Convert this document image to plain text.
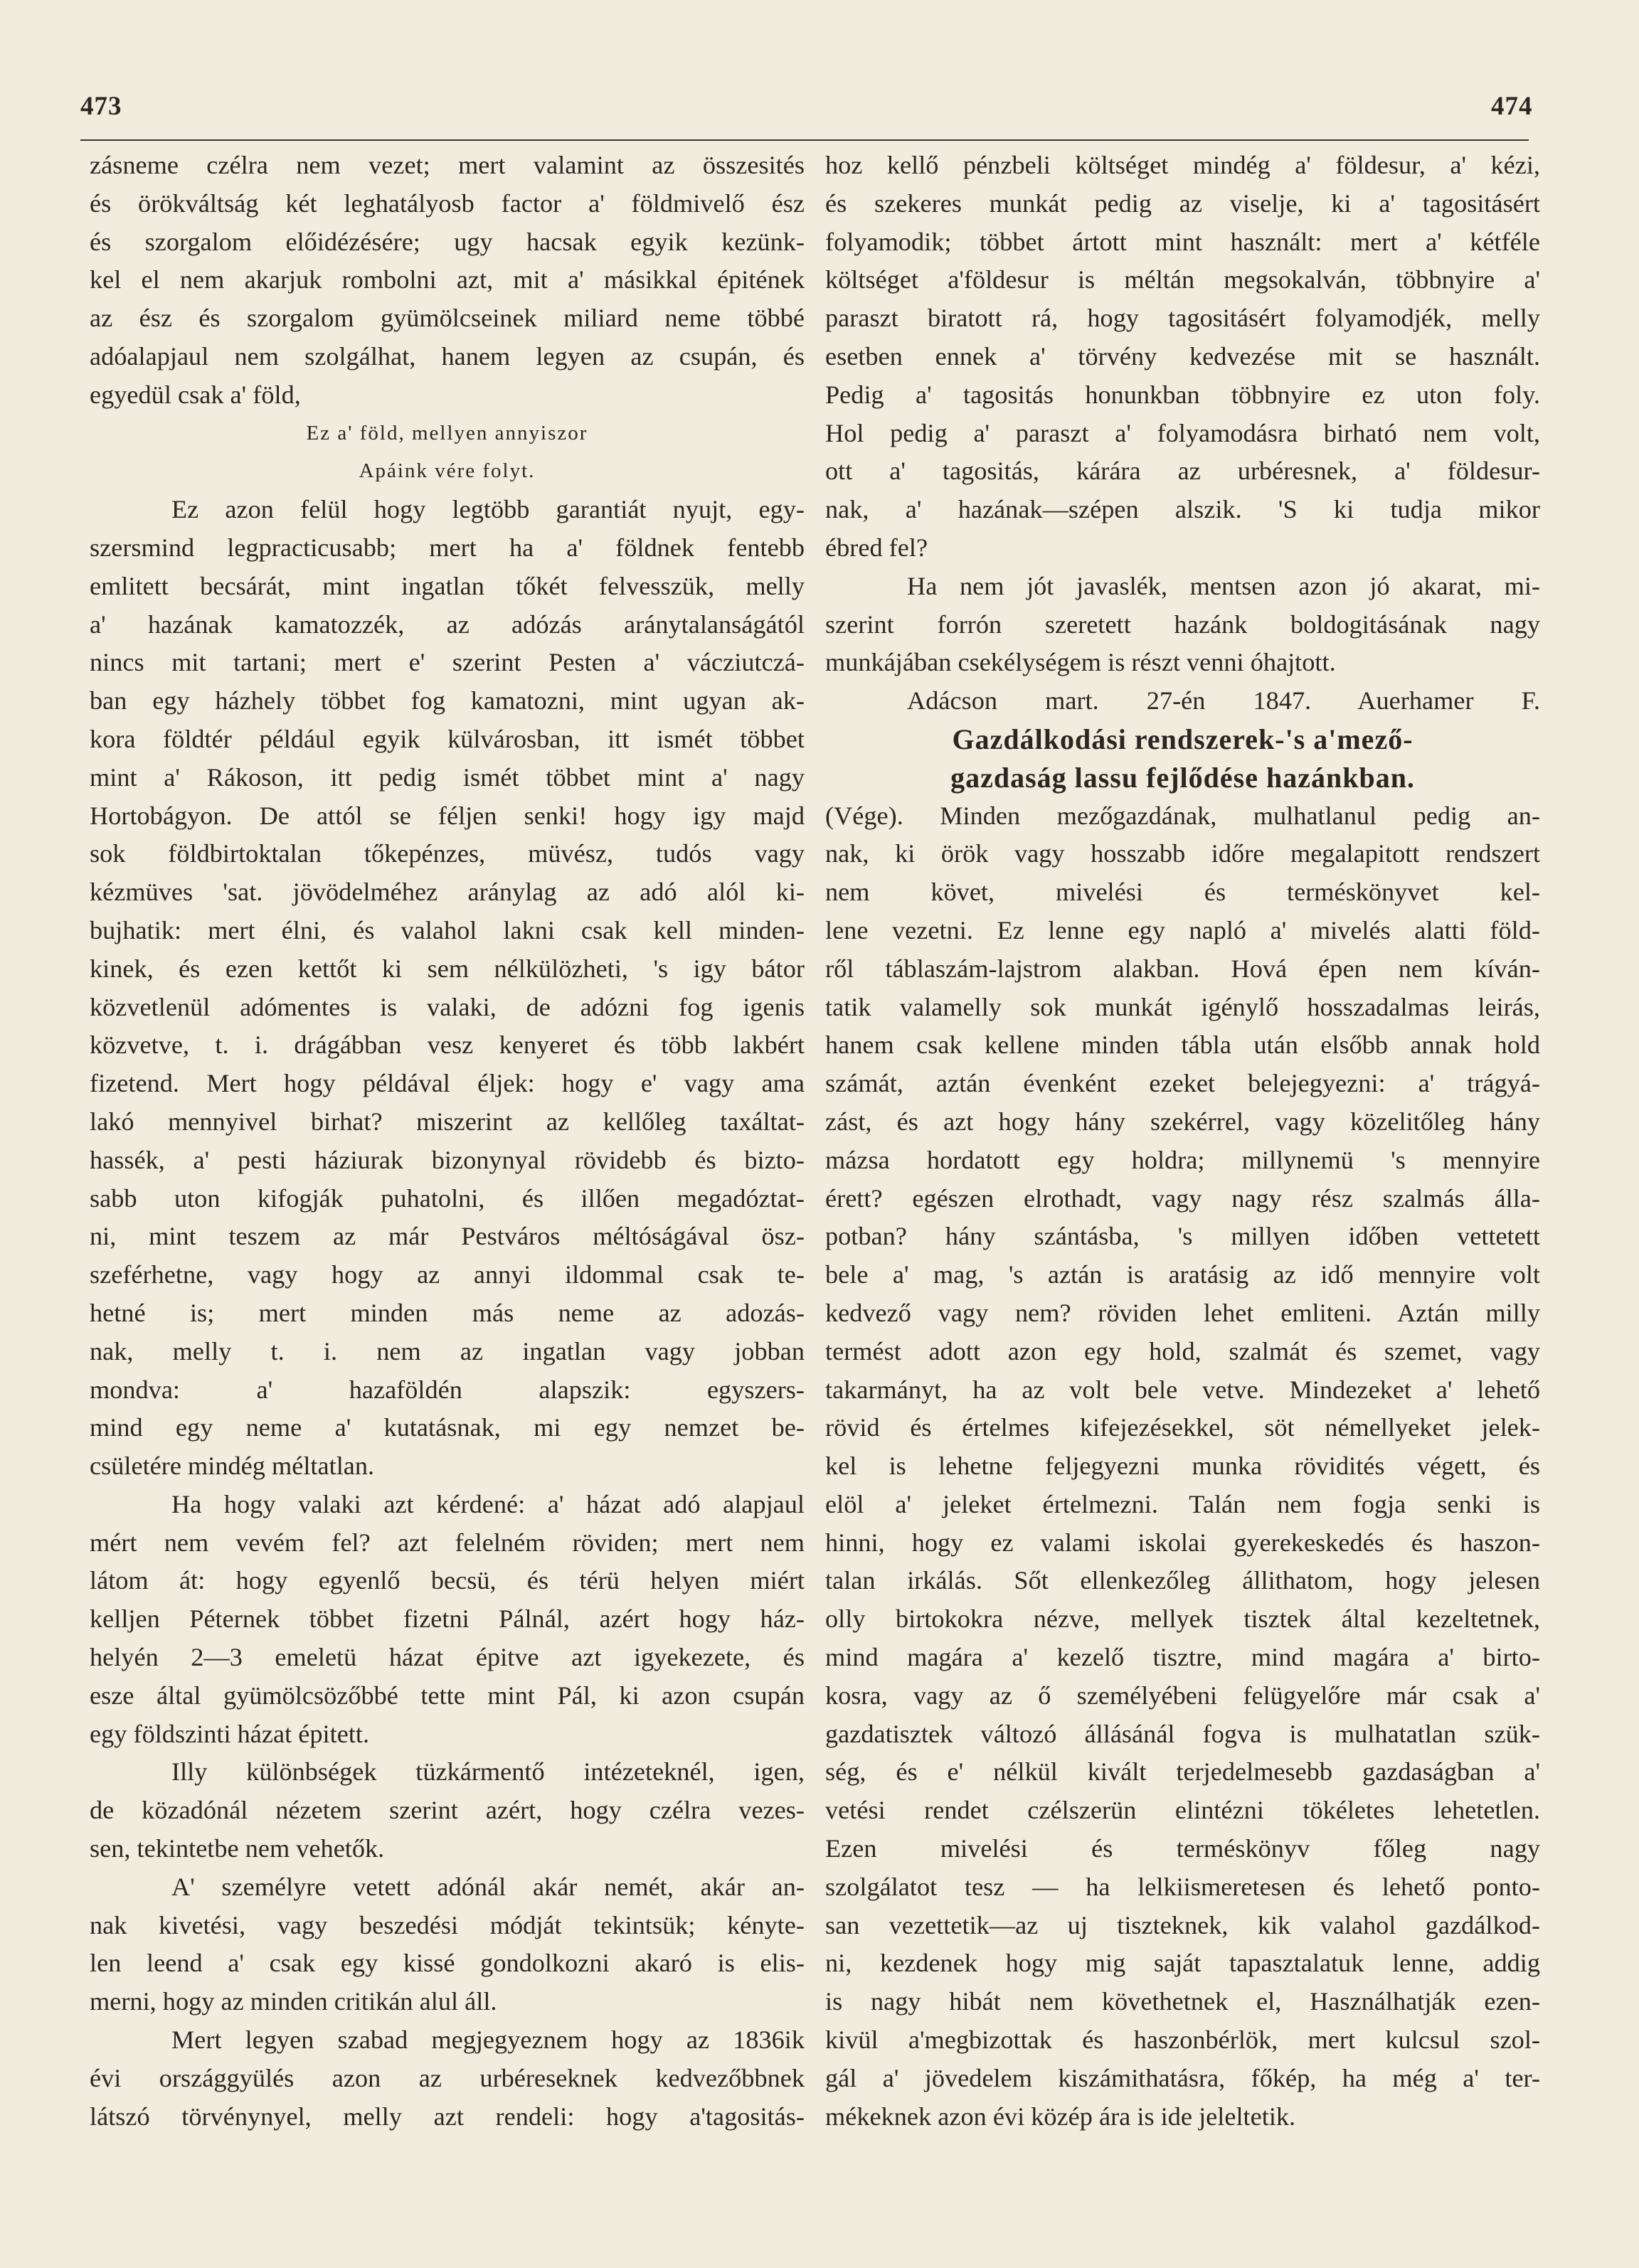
473	474
zásneme czélra nem vezet; mert valamint az összesités
és örökváltság két leghatályosb factor a' földmivelő ész
és szorgalom előidézésére; ugy hacsak egyik kezünk-
kel el nem akarjuk rombolni azt, mit a' másikkal épitének
az ész és szorgalom gyümölcseinek miliard neme többé
adóalapjaul nem szolgálhat, hanem legyen az csupán, és
egyedül csak a' föld,
Ez a' föld, mellyen annyiszor
Apáink vére folyt.
Ez azon felül hogy legtöbb garantiát nyujt, egy-
szersmind legpracticusabb; mert ha a' földnek fentebb
emlitett becsárát, mint ingatlan tőkét felvesszük, melly
a' hazának kamatozzék, az adózás aránytalanságától
nincs mit tartani; mert e' szerint Pesten a' vácziutczá-
ban egy házhely többet fog kamatozni, mint ugyan ak-
kora földtér például egyik külvárosban, itt ismét többet
mint a' Rákoson, itt pedig ismét többet mint a' nagy
Hortobágyon. De attól se féljen senki! hogy igy majd
sok földbirtoktalan tőkepénzes, müvész, tudós vagy
kézmüves 'sat. jövödelméhez aránylag az adó alól ki-
bujhatik: mert élni, és valahol lakni csak kell minden-
kinek, és ezen kettőt ki sem nélkülözheti, 's igy bátor
közvetlenül adómentes is valaki, de adózni fog igenis
közvetve, t. i. drágábban vesz kenyeret és több lakbért
fizetend. Mert hogy példával éljek: hogy e' vagy ama
lakó mennyivel birhat? miszerint az kellőleg taxáltat-
hassék, a' pesti háziurak bizonynyal rövidebb és bizto-
sabb uton kifogják puhatolni, és illően megadóztat-
ni, mint teszem az már Pestváros méltóságával ösz-
szeférhetne, vagy hogy az annyi ildommal csak te-
hetné is; mert minden más neme az adozás-
nak, melly t. i. nem az ingatlan vagy jobban
mondva: a' hazaföldén alapszik: egyszers-
mind egy neme a' kutatásnak, mi egy nemzet be-
csületére mindég méltatlan.
Ha hogy valaki azt kérdené: a' házat adó alapjaul
mért nem vevém fel? azt felelném röviden; mert nem
látom át: hogy egyenlő becsü, és térü helyen miért
kelljen Péternek többet fizetni Pálnál, azért hogy ház-
helyén 2—3 emeletü házat épitve azt igyekezete, és
esze által gyümölcsözőbbé tette mint Pál, ki azon csupán
egy földszinti házat épitett.
Illy különbségek tüzkármentő intézeteknél, igen,
de közadónál nézetem szerint azért, hogy czélra vezes-
sen, tekintetbe nem vehetők.
A' személyre vetett adónál akár nemét, akár an-
nak kivetési, vagy beszedési módját tekintsük; kényte-
len leend a' csak egy kissé gondolkozni akaró is elis-
merni, hogy az minden critikán alul áll.
Mert legyen szabad megjegyeznem hogy az 1836ik
évi országgyülés azon az urbéreseknek kedvezőbbnek
látszó törvénynyel, melly azt rendeli: hogy a'tagositás-
hoz kellő pénzbeli költséget mindég a' földesur, a' kézi,
és szekeres munkát pedig az viselje, ki a' tagositásért
folyamodik; többet ártott mint használt: mert a' kétféle
költséget a'földesur is méltán megsokalván, többnyire a'
paraszt biratott rá, hogy tagositásért folyamodjék, melly
esetben ennek a' törvény kedvezése mit se használt.
Pedig a' tagositás honunkban többnyire ez uton foly.
Hol pedig a' paraszt a' folyamodásra birható nem volt,
ott a' tagositás, kárára az urbéresnek, a' földesur-
nak, a' hazának—szépen alszik. 'S ki tudja mikor
ébred fel?
Ha nem jót javaslék, mentsen azon jó akarat, mi-
szerint forrón szeretett hazánk boldogitásának nagy
munkájában csekélységem is részt venni óhajtott.
Adácson mart. 27-én 1847. Auerhamer F.
Gazdálkodási rendszerek-'s a'mező-
gazdaság lassu fejlődése hazánkban.
(Vége). Minden mezőgazdának, mulhatlanul pedig an-
nak, ki örök vagy hosszabb időre megalapitott rendszert
nem követ, mivelési és terméskönyvet kel-
lene vezetni. Ez lenne egy napló a' mivelés alatti föld-
ről táblaszám-lajstrom alakban. Hová épen nem kíván-
tatik valamelly sok munkát igénylő hosszadalmas leirás,
hanem csak kellene minden tábla után elsőbb annak hold
számát, aztán évenként ezeket belejegyezni: a' trágyá-
zást, és azt hogy hány szekérrel, vagy közelitőleg hány
mázsa hordatott egy holdra; millynemü 's mennyire
érett? egészen elrothadt, vagy nagy rész szalmás álla-
potban? hány szántásba, 's millyen időben vettetett
bele a' mag, 's aztán is aratásig az idő mennyire volt
kedvező vagy nem? röviden lehet emliteni. Aztán milly
termést adott azon egy hold, szalmát és szemet, vagy
takarmányt, ha az volt bele vetve. Mindezeket a' lehető
rövid és értelmes kifejezésekkel, söt némellyeket jelek-
kel is lehetne feljegyezni munka rövidités végett, és
elöl a' jeleket értelmezni. Talán nem fogja senki is
hinni, hogy ez valami iskolai gyerekeskedés és haszon-
talan irkálás. Sőt ellenkezőleg állithatom, hogy jelesen
olly birtokokra nézve, mellyek tisztek által kezeltetnek,
mind magára a' kezelő tisztre, mind magára a' birto-
kosra, vagy az ő személyébeni felügyelőre már csak a'
gazdatisztek változó állásánál fogva is mulhatatlan szük-
ség, és e' nélkül kivált terjedelmesebb gazdaságban a'
vetési rendet czélszerün elintézni tökéletes lehetetlen.
Ezen mivelési és terméskönyv főleg nagy
szolgálatot tesz — ha lelkiismeretesen és lehető ponto-
san vezettetik—az uj tiszteknek, kik valahol gazdálkod-
ni, kezdenek hogy mig saját tapasztalatuk lenne, addig
is nagy hibát nem követhetnek el, Használhatják ezen-
kivül a'megbizottak és haszonbérlök, mert kulcsul szol-
gál a' jövedelem kiszámithatásra, főkép, ha még a' ter-
mékeknek azon évi közép ára is ide jeleltetik.
